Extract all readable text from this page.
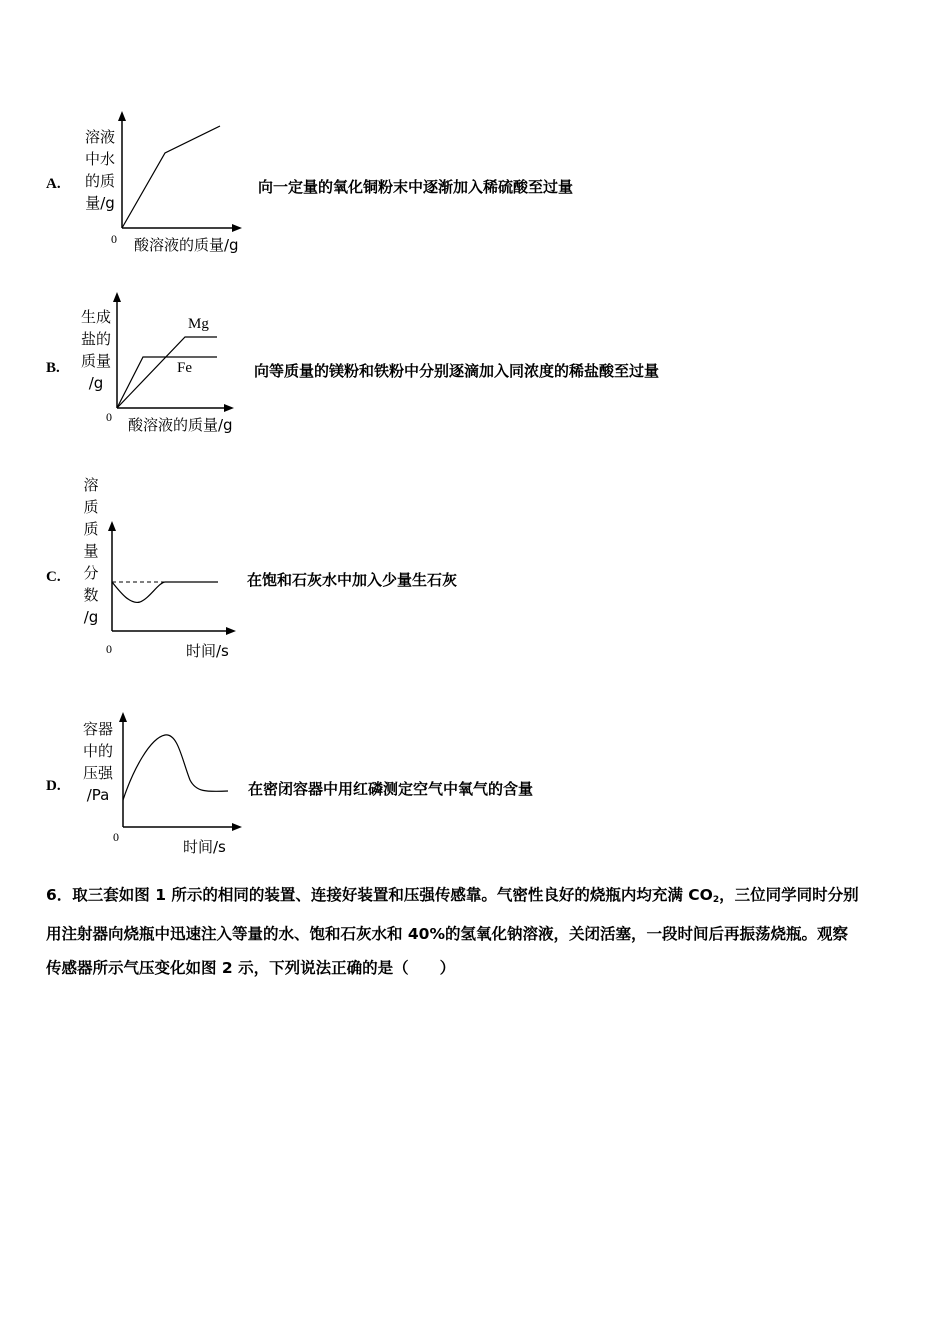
A.
溶液
中水
的质
量/g
0 酸溶液的质量/g
向一定量的氧化铜粉末中逐渐加入稀硫酸至过量
B.
生成
盐的
质量
/g
Mg
Fe
0 酸溶液的质量/g
向等质量的镁粉和铁粉中分别逐滴加入同浓度的稀盐酸至过量
C.
溶
质
质
量
分
数
/g
0	时间/s
在饱和石灰水中加入少量生石灰
D.
容器
中的
压强
/Pa
0
时间/s
在密闭容器中用红磷测定空气中氧气的含量

6．取三套如图 1 所示的相同的装置、连接好装置和压强传感靠。气密性良好的烧瓶内均充满 $CO_2$，三位同学同时分别

用注射器向烧瓶中迅速注入等量的水、饱和石灰水和 40%的氢氧化钠溶液，关闭活塞，一段时间后再振荡烧瓶。观察

传感器所示气压变化如图 2 示，下列说法正确的是（　　）
